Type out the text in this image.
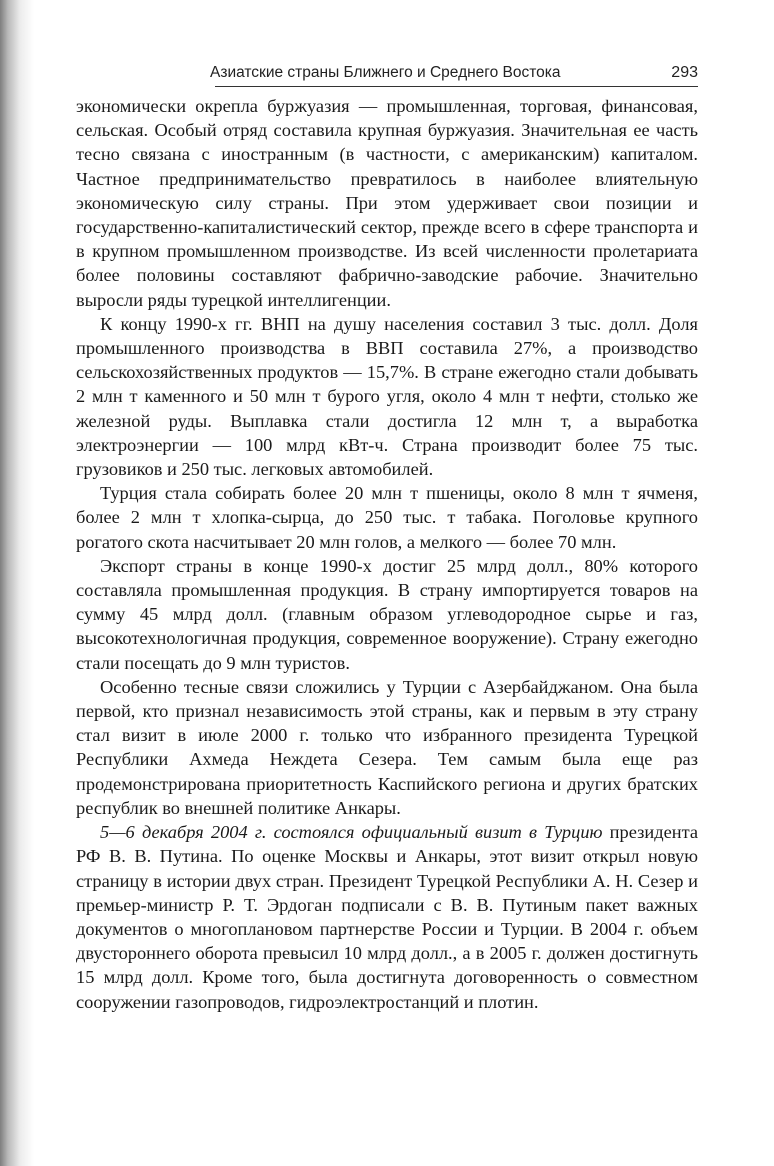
Азиатские страны Ближнего и Среднего Востока	293

экономически окрепла буржуазия — промышленная, торговая, финансовая, сельская. Особый отряд составила крупная буржуазия. Значительная ее часть тесно связана с иностранным (в частности, с американским) капиталом. Частное предпринимательство превратилось в наиболее влиятельную экономическую силу страны. При этом удерживает свои позиции и государственно-капиталистический сектор, прежде всего в сфере транспорта и в крупном промышленном производстве. Из всей численности пролетариата более половины составляют фабрично-заводские рабочие. Значительно выросли ряды турецкой интеллигенции.

К концу 1990-х гг. ВНП на душу населения составил 3 тыс. долл. Доля промышленного производства в ВВП составила 27%, а производство сельскохозяйственных продуктов — 15,7%. В стране ежегодно стали добывать 2 млн т каменного и 50 млн т бурого угля, около 4 млн т нефти, столько же железной руды. Выплавка стали достигла 12 млн т, а выработка электроэнергии — 100 млрд кВт-ч. Страна производит более 75 тыс. грузовиков и 250 тыс. легковых автомобилей.

Турция стала собирать более 20 млн т пшеницы, около 8 млн т ячменя, более 2 млн т хлопка-сырца, до 250 тыс. т табака. Поголовье крупного рогатого скота насчитывает 20 млн голов, а мелкого — более 70 млн.

Экспорт страны в конце 1990-х достиг 25 млрд долл., 80% которого составляла промышленная продукция. В страну импортируется товаров на сумму 45 млрд долл. (главным образом углеводородное сырье и газ, высокотехнологичная продукция, современное вооружение). Страну ежегодно стали посещать до 9 млн туристов.

Особенно тесные связи сложились у Турции с Азербайджаном. Она была первой, кто признал независимость этой страны, как и первым в эту страну стал визит в июле 2000 г. только что избранного президента Турецкой Республики Ахмеда Неждета Сезера. Тем самым была еще раз продемонстрирована приоритетность Каспийского региона и других братских республик во внешней политике Анкары.

5—6 декабря 2004 г. состоялся официальный визит в Турцию президента РФ В. В. Путина. По оценке Москвы и Анкары, этот визит открыл новую страницу в истории двух стран. Президент Турецкой Республики А. Н. Сезер и премьер-министр Р. Т. Эрдоган подписали с В. В. Путиным пакет важных документов о многоплановом партнерстве России и Турции. В 2004 г. объем двустороннего оборота превысил 10 млрд долл., а в 2005 г. должен достигнуть 15 млрд долл. Кроме того, была достигнута договоренность о совместном сооружении газопроводов, гидроэлектростанций и плотин.
